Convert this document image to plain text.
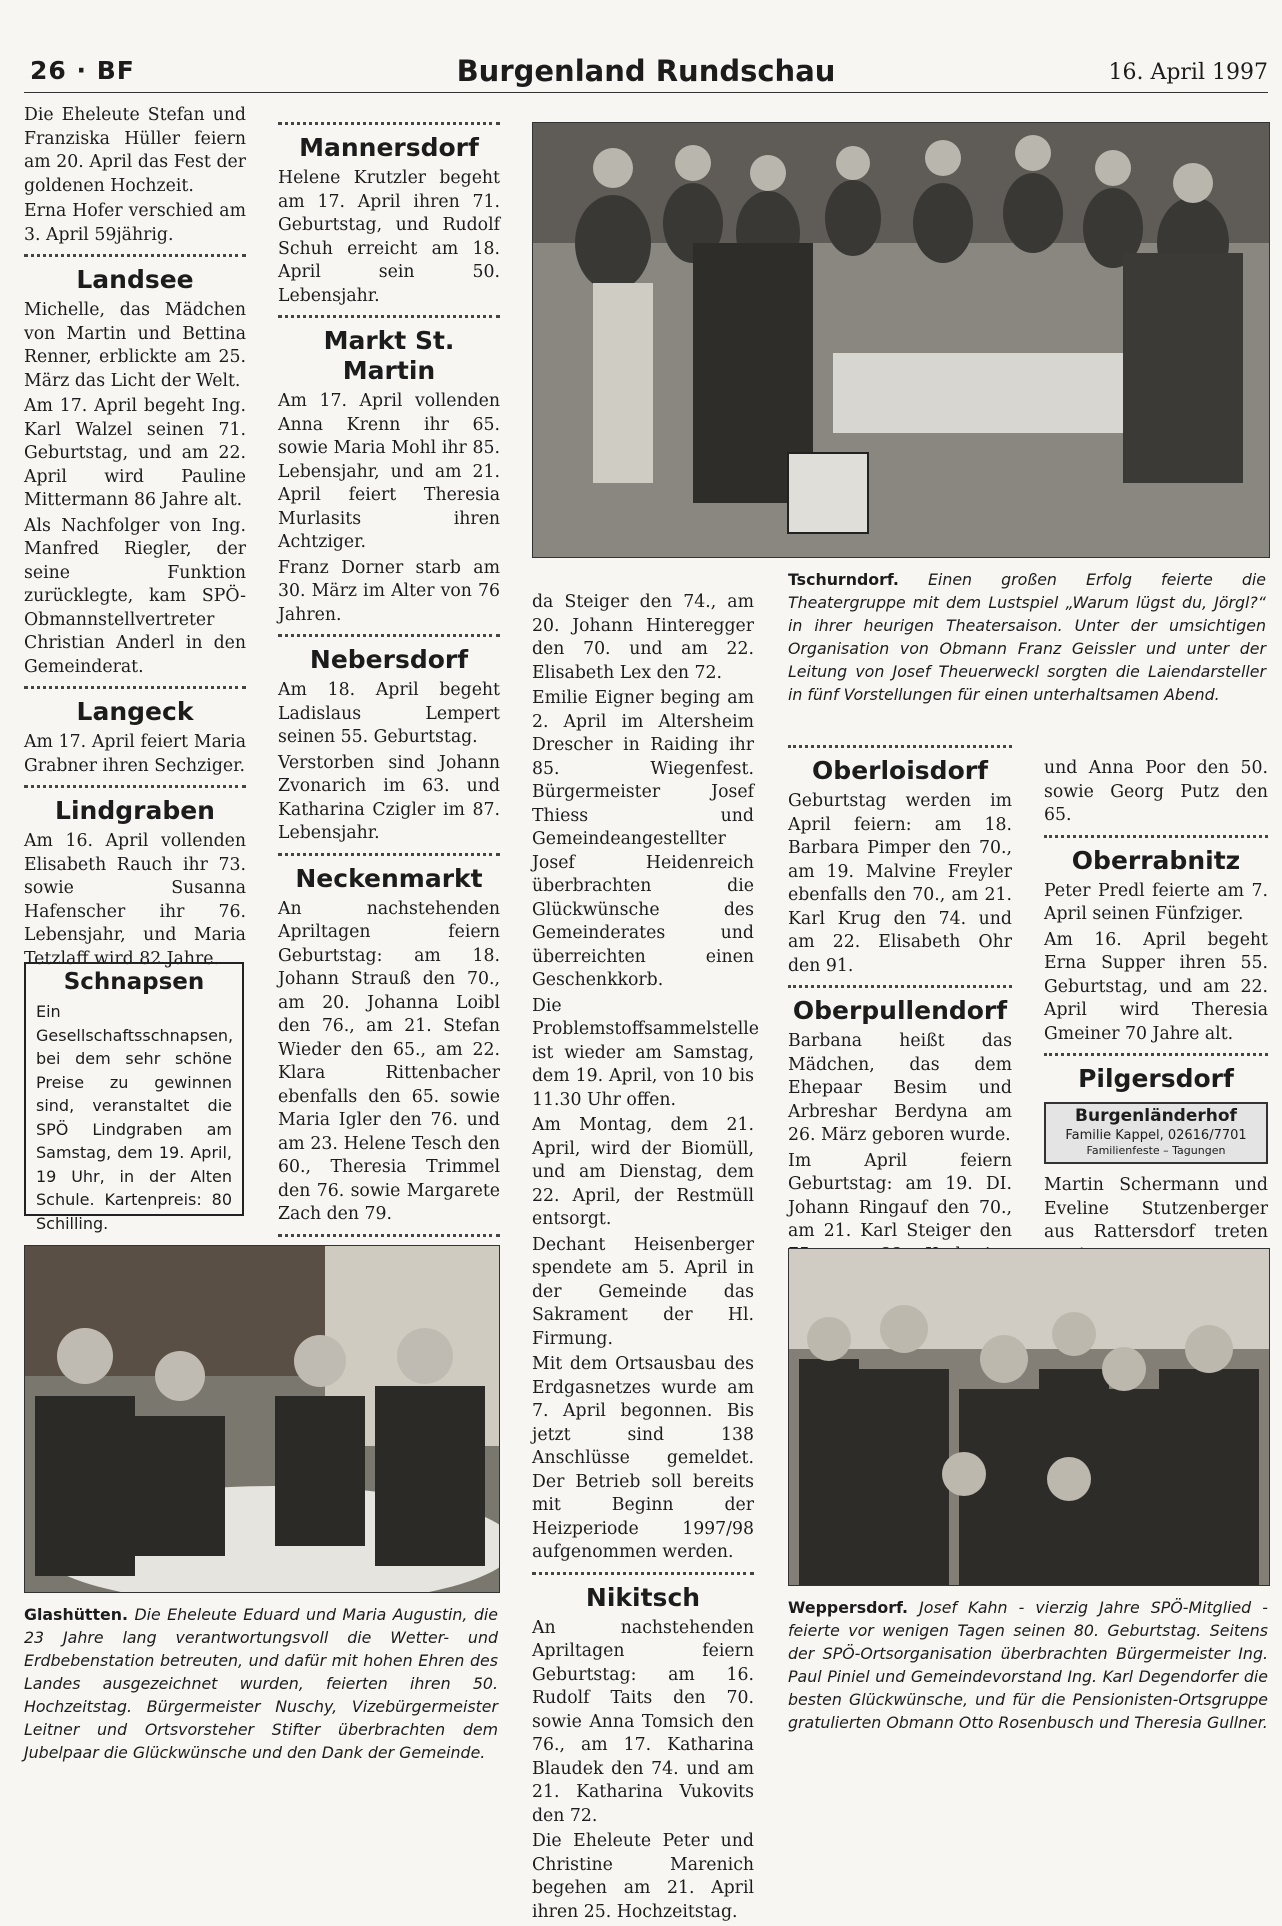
26 · BF	Burgenland Rundschau	16. April 1997

Die Eheleute Stefan und Franziska Hüller feiern am 20. April das Fest der goldenen Hochzeit.

Erna Hofer verschied am 3. April 59jährig.

Landsee

Michelle, das Mädchen von Martin und Bettina Renner, erblickte am 25. März das Licht der Welt.

Am 17. April begeht Ing. Karl Walzel seinen 71. Geburtstag, und am 22. April wird Pauline Mittermann 86 Jahre alt.

Als Nachfolger von Ing. Manfred Riegler, der seine Funktion zurücklegte, kam SPÖ-Obmannstellvertreter Christian Anderl in den Gemeinderat.

Langeck

Am 17. April feiert Maria Grabner ihren Sechziger.

Lindgraben

Am 16. April vollenden Elisabeth Rauch ihr 73. sowie Susanna Hafenscher ihr 76. Lebensjahr, und Maria Tetzlaff wird 82 Jahre.

Schnapsen

Ein Gesellschaftsschnapsen, bei dem sehr schöne Preise zu gewinnen sind, veranstaltet die SPÖ Lindgraben am Samstag, dem 19. April, 19 Uhr, in der Alten Schule. Kartenpreis: 80 Schilling.

Mannersdorf

Helene Krutzler begeht am 17. April ihren 71. Geburtstag, und Rudolf Schuh erreicht am 18. April sein 50. Lebensjahr.

Markt St. Martin

Am 17. April vollenden Anna Krenn ihr 65. sowie Maria Mohl ihr 85. Lebensjahr, und am 21. April feiert Theresia Murlasits ihren Achtziger.

Franz Dorner starb am 30. März im Alter von 76 Jahren.

Nebersdorf

Am 18. April begeht Ladislaus Lempert seinen 55. Geburtstag.

Verstorben sind Johann Zvonarich im 63. und Katharina Czigler im 87. Lebensjahr.

Neckenmarkt

An nachstehenden Apriltagen feiern Geburtstag: am 18. Johann Strauß den 70., am 20. Johanna Loibl den 76., am 21. Stefan Wieder den 65., am 22. Klara Rittenbacher ebenfalls den 65. sowie Maria Igler den 76. und am 23. Helene Tesch den 60., Theresia Trimmel den 76. sowie Margarete Zach den 79.

Tschurndorf. Einen großen Erfolg feierte die Theatergruppe mit dem Lustspiel „Warum lügst du, Jörgl?“ in ihrer heurigen Theatersaison. Unter der umsichtigen Organisation von Obmann Franz Geissler und unter der Leitung von Josef Theuerweckl sorgten die Laiendarsteller in fünf Vorstellungen für einen unterhaltsamen Abend.

da Steiger den 74., am 20. Johann Hinteregger den 70. und am 22. Elisabeth Lex den 72.

Emilie Eigner beging am 2. April im Altersheim Drescher in Raiding ihr 85. Wiegenfest. Bürgermeister Josef Thiess und Gemeindeangestellter Josef Heidenreich überbrachten die Glückwünsche des Gemeinderates und überreichten einen Geschenkkorb.

Die Problemstoffsammelstelle ist wieder am Samstag, dem 19. April, von 10 bis 11.30 Uhr offen.

Am Montag, dem 21. April, wird der Biomüll, und am Dienstag, dem 22. April, der Restmüll entsorgt.

Dechant Heisenberger spendete am 5. April in der Gemeinde das Sakrament der Hl. Firmung.

Mit dem Ortsausbau des Erdgasnetzes wurde am 7. April begonnen. Bis jetzt sind 138 Anschlüsse gemeldet. Der Betrieb soll bereits mit Beginn der Heizperiode 1997/98 aufgenommen werden.

Nikitsch

An nachstehenden Apriltagen feiern Geburtstag: am 16. Rudolf Taits den 70. sowie Anna Tomsich den 76., am 17. Katharina Blaudek den 74. und am 21. Katharina Vukovits den 72.

Die Eheleute Peter und Christine Marenich begehen am 21. April ihren 25. Hochzeitstag.

Oberloisdorf

Geburtstag werden im April feiern: am 18. Barbara Pimper den 70., am 19. Malvine Freyler ebenfalls den 70., am 21. Karl Krug den 74. und am 22. Elisabeth Ohr den 91.

Oberpullendorf

Barbana heißt das Mädchen, das dem Ehepaar Besim und Arbreshar Berdyna am 26. März geboren wurde.

Im April feiern Geburtstag: am 19. DI. Johann Ringauf den 70., am 21. Karl Steiger den

und Anna Poor den 50. sowie Georg Putz den 65.

Oberrabnitz

Peter Predl feierte am 7. April seinen Fünfziger.

Am 16. April begeht Erna Supper ihren 55. Geburtstag, und am 22. April wird Theresia Gmeiner 70 Jahre alt.

Pilgersdorf
Burgenländerhof
Familie Kappel, 02616/7701
Familienfeste – Tagungen

Martin Schermann und Eveline Stutzenberger aus Rattersdorf treten

Glashütten. Die Eheleute Eduard und Maria Augustin, die 23 Jahre lang verantwortungsvoll die Wetter- und Erdbebenstation betreuten, und dafür mit hohen Ehren des Landes ausgezeichnet wurden, feierten ihren 50. Hochzeitstag. Bürgermeister Nuschy, Vizebürgermeister Leitner und Ortsvorsteher Stifter überbrachten dem Jubelpaar die Glückwünsche und den Dank der Gemeinde.
Weppersdorf. Josef Kahn - vierzig Jahre SPÖ-Mitglied - feierte vor wenigen Tagen seinen 80. Geburtstag. Seitens der SPÖ-Ortsorganisation überbrachten Bürgermeister Ing. Paul Piniel und Gemeindevorstand Ing. Karl Degendorfer die besten Glückwünsche, und für die Pensionisten-Ortsgruppe gratulierten Obmann Otto Rosenbusch und Theresia Gullner.
